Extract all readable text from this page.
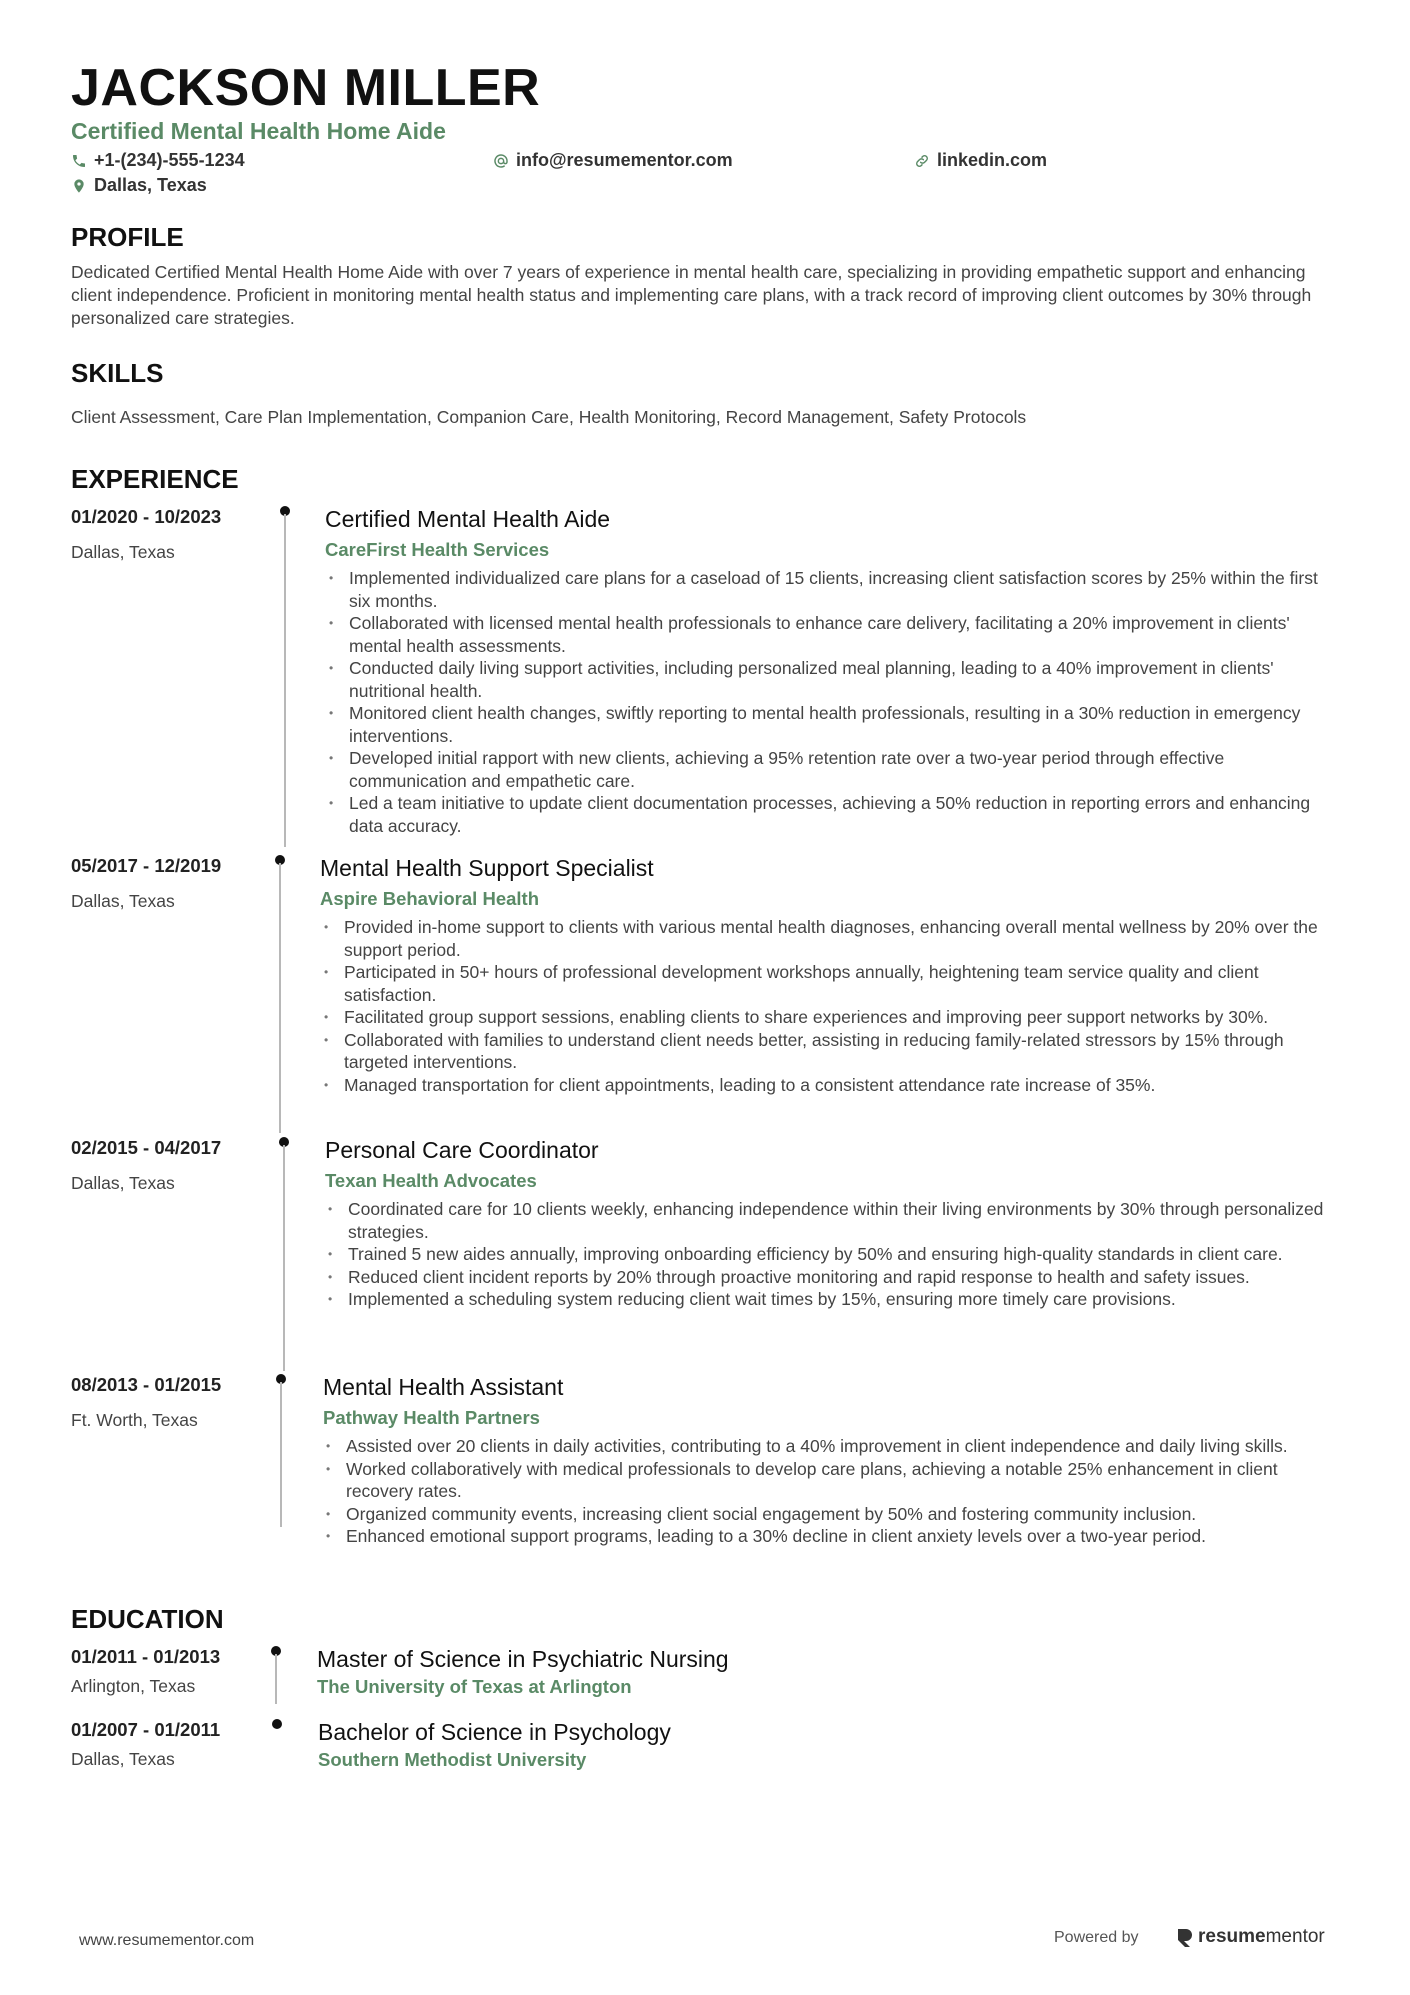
JACKSON MILLER
Certified Mental Health Home Aide
+1-(234)-555-1234	info@resumementor.com	linkedin.com
Dallas, Texas
PROFILE
Dedicated Certified Mental Health Home Aide with over 7 years of experience in mental health care, specializing in providing empathetic support and enhancing client independence. Proficient in monitoring mental health status and implementing care plans, with a track record of improving client outcomes by 30% through personalized care strategies.
SKILLS
Client Assessment, Care Plan Implementation, Companion Care, Health Monitoring, Record Management, Safety Protocols
EXPERIENCE
01/2020 - 10/2023
Dallas, Texas
Certified Mental Health Aide
CareFirst Health Services
• Implemented individualized care plans for a caseload of 15 clients, increasing client satisfaction scores by 25% within the first six months.
• Collaborated with licensed mental health professionals to enhance care delivery, facilitating a 20% improvement in clients' mental health assessments.
• Conducted daily living support activities, including personalized meal planning, leading to a 40% improvement in clients' nutritional health.
• Monitored client health changes, swiftly reporting to mental health professionals, resulting in a 30% reduction in emergency interventions.
• Developed initial rapport with new clients, achieving a 95% retention rate over a two-year period through effective communication and empathetic care.
• Led a team initiative to update client documentation processes, achieving a 50% reduction in reporting errors and enhancing data accuracy.
05/2017 - 12/2019
Dallas, Texas
Mental Health Support Specialist
Aspire Behavioral Health
• Provided in-home support to clients with various mental health diagnoses, enhancing overall mental wellness by 20% over the support period.
• Participated in 50+ hours of professional development workshops annually, heightening team service quality and client satisfaction.
• Facilitated group support sessions, enabling clients to share experiences and improving peer support networks by 30%.
• Collaborated with families to understand client needs better, assisting in reducing family-related stressors by 15% through targeted interventions.
• Managed transportation for client appointments, leading to a consistent attendance rate increase of 35%.
02/2015 - 04/2017
Dallas, Texas
Personal Care Coordinator
Texan Health Advocates
• Coordinated care for 10 clients weekly, enhancing independence within their living environments by 30% through personalized strategies.
• Trained 5 new aides annually, improving onboarding efficiency by 50% and ensuring high-quality standards in client care.
• Reduced client incident reports by 20% through proactive monitoring and rapid response to health and safety issues.
• Implemented a scheduling system reducing client wait times by 15%, ensuring more timely care provisions.
08/2013 - 01/2015
Ft. Worth, Texas
Mental Health Assistant
Pathway Health Partners
• Assisted over 20 clients in daily activities, contributing to a 40% improvement in client independence and daily living skills.
• Worked collaboratively with medical professionals to develop care plans, achieving a notable 25% enhancement in client recovery rates.
• Organized community events, increasing client social engagement by 50% and fostering community inclusion.
• Enhanced emotional support programs, leading to a 30% decline in client anxiety levels over a two-year period.
EDUCATION
01/2011 - 01/2013
Arlington, Texas
Master of Science in Psychiatric Nursing
The University of Texas at Arlington
01/2007 - 01/2011
Dallas, Texas
Bachelor of Science in Psychology
Southern Methodist University
www.resumementor.com	Powered by	resumementor
